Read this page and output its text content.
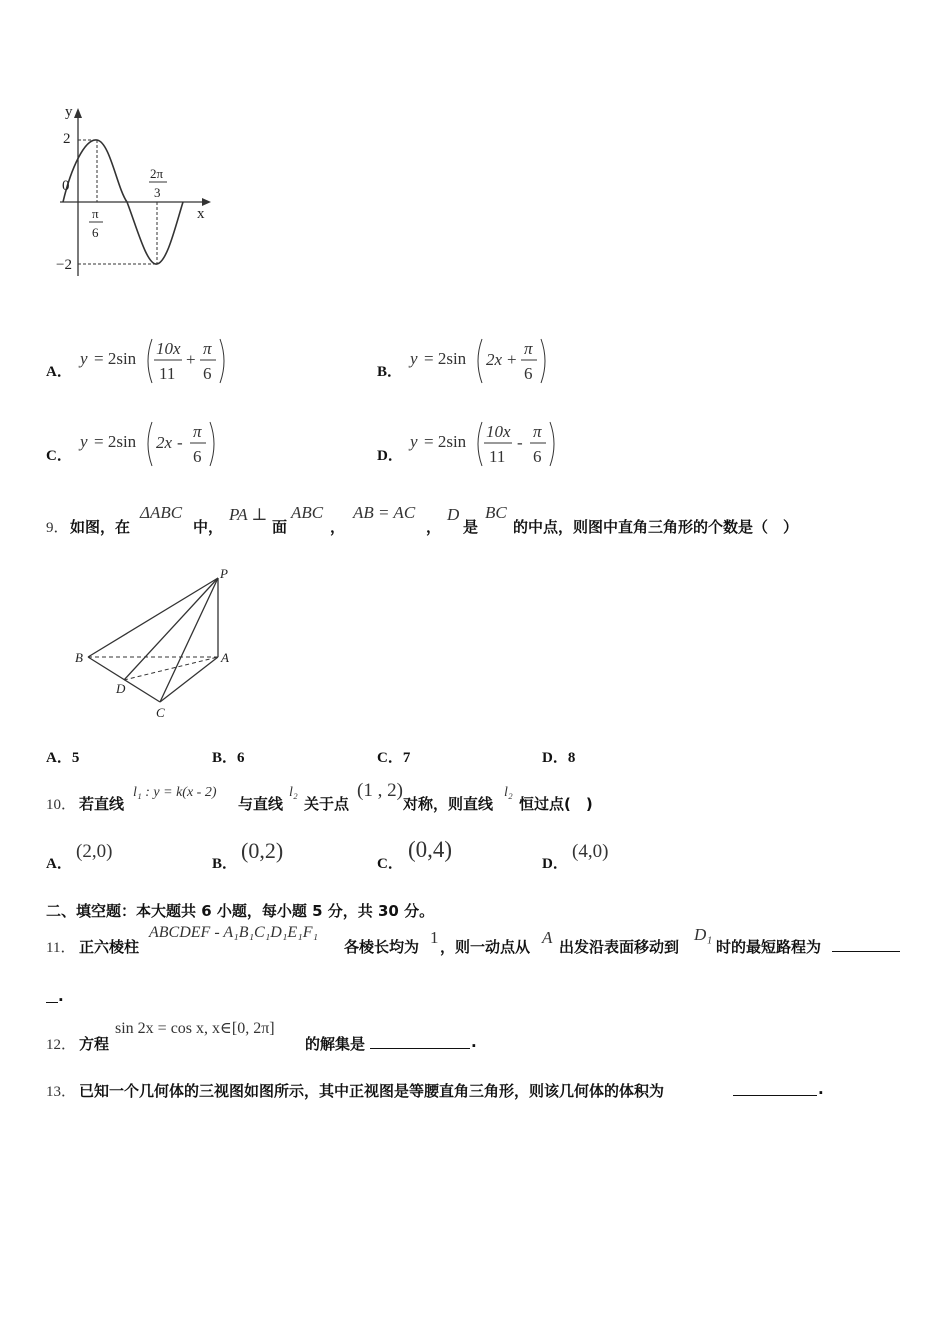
y
x
2
0
−2
π
6
2π
3
A．
y = 2sin
10x
11
+
π
6	B．
y = 2sin 2x +
π
6
C．
y = 2sin 2x -
π
6	D．
y = 2sin
10x
11
-
π
6
9． 如图，在
ΔABC
中，
PA ⊥
面
ABC
，
AB = AC
，
D
是
BC
的中点，则图中直角三角形的个数是（　）
P
A
B
D
C
A．5	B．6	C．7	D．8
10． 若直线
l₁ : y = k(x - 2)
与直线
l₂
关于点
(1 , 2)
对称，则直线
l₂
恒过点(　)
A．
(2,0)
B．
(0,2)
C．
(0,4)
D．
(4,0)
二、填空题：本大题共 6 小题，每小题 5 分，共 30 分。
11． 正六棱柱
ABCDEF - A₁B₁C₁D₁E₁F₁
各棱长均为 1 ，则一动点从 A 出发沿表面移动到
D₁
时的最短路程为
.
12． 方程
sin 2x = cos x, x∈[0, 2π]
的解集是	.
13． 已知一个几何体的三视图如图所示，其中正视图是等腰直角三角形，则该几何体的体积为	.
